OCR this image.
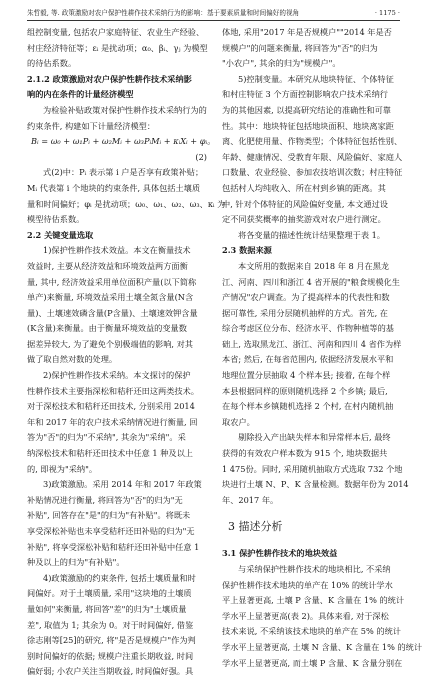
朱哲毅, 等. 政策激励对农户保护性耕作技术采纳行为的影响：基于要素质量和时间偏好的视角	· 1175 ·
组控制变量, 包括农户家庭特征、农业生产经验、
村庄经济特征等；εᵢ 是扰动项；α₀、βᵢ、γⱼ 为模型
的待估系数。
2.1.2 政策激励对农户保护性耕作技术采纳影
响的内在条件的计量经济模型
为检验补贴政策对保护性耕作技术采纳行为的
约束条件, 构建如下计量经济模型：
Bᵢ = ω₀ + ω₁Pᵢ + ω₂Mᵢ + ω₃PᵢMᵢ + κᵢXᵢ + φᵢ。
(2)
式(2)中：Pᵢ 表示第 i 户是否享有政策补贴；
Mᵢ 代表第 i 个地块的约束条件, 具体包括土壤质
量和时间偏好；φᵢ 是扰动项；ω₀、ω₁、ω₂、ω₃、κᵢ 为
模型待估系数。
2.2 关键变量选取
1)保护性耕作技术效益。本文在衡量技术
效益时, 主要从经济效益和环境效益两方面衡
量, 其中, 经济效益采用单位面积产量(以下简称
单产)来衡量, 环境效益采用土壤全氮含量(N含
量)、土壤速效磷含量(P含量)、土壤速效钾含量
(K含量)来衡量。由于衡量环境效益的变量数
据差异较大, 为了避免个别极端值的影响, 对其
做了取自然对数的处理。
2)保护性耕作技术采纳。本文探讨的保护
性耕作技术主要指深松和秸秆还田这两类技术。
对于深松技术和秸秆还田技术, 分别采用 2014
年和 2017 年的农户技术采纳情况进行衡量, 回
答为"否"的归为"不采纳", 其余为"采纳"。采
纳深松技术和秸秆还田技术中任意 1 种及以上
的, 即视为"采纳"。
3)政策激励。采用 2014 年和 2017 年政策
补贴情况进行衡量, 将回答为"否"的归为"无
补贴", 回答存在"是"的归为"有补贴"。将既未
享受深松补贴也未享受秸秆还田补贴的归为"无
补贴", 将享受深松补贴和秸秆还田补贴中任意 1
种及以上的归为"有补贴"。
4)政策激励的约束条件, 包括土壤质量和时
间偏好。对于土壤质量, 采用"这块地的土壤质
量如何"来衡量, 将回答"差"的归为"土壤质量
差", 取值为 1; 其余为 0。对于时间偏好, 借鉴
徐志刚等[25]的研究, 将"是否是规模户"作为判
别时间偏好的依据; 规模户注重长期收益, 时间
偏好弱; 小农户关注当期收益, 时间偏好强。具
体地, 采用"2017 年是否规模户""2014 年是否
规模户"的问题来衡量, 将回答为"否"的归为
"小农户", 其余的归为"规模户"。
5)控制变量。本研究从地块特征、个体特征
和村庄特征 3 个方面控制影响农户技术采纳行
为的其他因素, 以提高研究结论的准确性和可靠
性。其中：地块特征包括地块面积、地块离家距
离、化肥使用量、作物类型；个体特征包括性别、
年龄、健康情况、受教育年限、风险偏好、家庭人
口数量、农业经验、参加农技培训次数；村庄特征
包括村人均纯收入、所在村到乡镇的距离。其
中, 针对个体特征的风险偏好变量, 本文通过设
定不同获奖概率的抽奖游戏对农户进行测定。
将各变量的描述性统计结果整理于表 1。
2.3 数据来源
本文所用的数据来自 2018 年 8 月在黑龙
江、河南、四川和浙江 4 省开展的"粮食规模化生
产情况"农户调查。为了提高样本的代表性和数
据可靠性, 采用分层随机抽样的方式。首先, 在
综合考虑区位分布、经济水平、作物种植等的基
础上, 选取黑龙江、浙江、河南和四川 4 省作为样
本省; 然后, 在每省范围内, 依据经济发展水平和
地理位置分层抽取 4 个样本县; 接着, 在每个样
本县根据同样的原则随机选择 2 个乡镇; 最后,
在每个样本乡镇随机选择 2 个村, 在村内随机抽
取农户。
剔除投入产出缺失样本和异常样本后, 最终
获得的有效农户样本数为 915 个, 地块数据共
1 475份。同时, 采用随机抽取方式选取 732 个地
块进行土壤 N、P、K 含量检测。数据年份为 2014
年、2017 年。
3 描述分析
3.1 保护性耕作技术的地块效益
与采纳保护性耕作技术的地块相比, 不采纳
保护性耕作技术地块的单产在 10% 的统计学水
平上显著更高, 土壤 P 含量、K 含量在 1% 的统计
学水平上显著更高(表 2)。具体来看, 对于深松
技术来说, 不采纳该技术地块的单产在 5% 的统计
学水平上显著更高, 土壤 N 含量、K 含量在 1% 的统计
学水平上显著更高, 而土壤 P 含量、K 含量分别在
